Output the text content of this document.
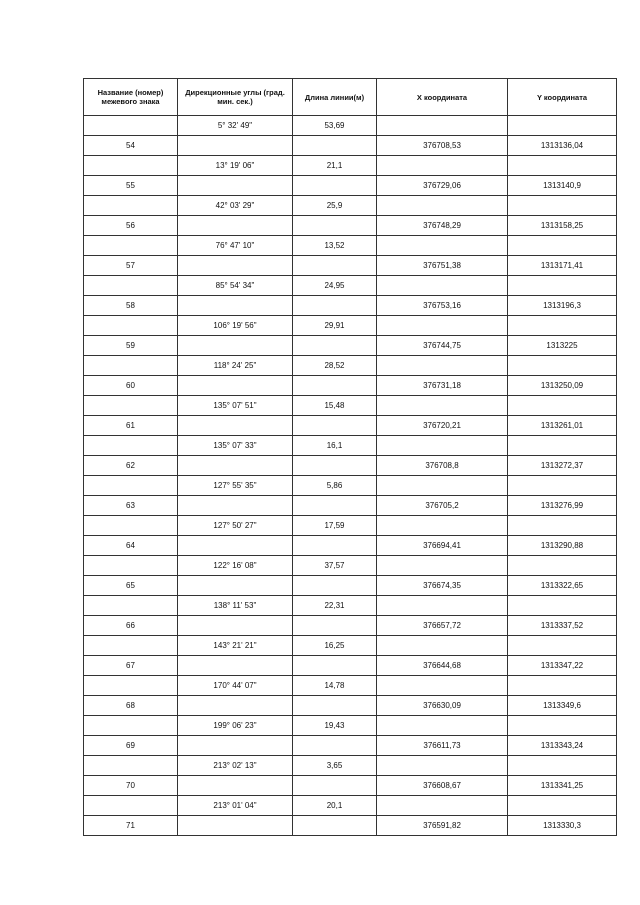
Название (номер) межевого знака	Дирекционные углы (град. мин. сек.)	Длина линии(м)	X координата	Y координата
	5° 32' 49"	53,69		
54			376708,53	1313136,04
	13° 19' 06"	21,1		
55			376729,06	1313140,9
	42° 03' 29"	25,9		
56			376748,29	1313158,25
	76° 47' 10"	13,52		
57			376751,38	1313171,41
	85° 54' 34"	24,95		
58			376753,16	1313196,3
	106° 19' 56"	29,91		
59			376744,75	1313225
	118° 24' 25"	28,52		
60			376731,18	1313250,09
	135° 07' 51"	15,48		
61			376720,21	1313261,01
	135° 07' 33"	16,1		
62			376708,8	1313272,37
	127° 55' 35"	5,86		
63			376705,2	1313276,99
	127° 50' 27"	17,59		
64			376694,41	1313290,88
	122° 16' 08"	37,57		
65			376674,35	1313322,65
	138° 11' 53"	22,31		
66			376657,72	1313337,52
	143° 21' 21"	16,25		
67			376644,68	1313347,22
	170° 44' 07"	14,78		
68			376630,09	1313349,6
	199° 06' 23"	19,43		
69			376611,73	1313343,24
	213° 02' 13"	3,65		
70			376608,67	1313341,25
	213° 01' 04"	20,1		
71			376591,82	1313330,3
